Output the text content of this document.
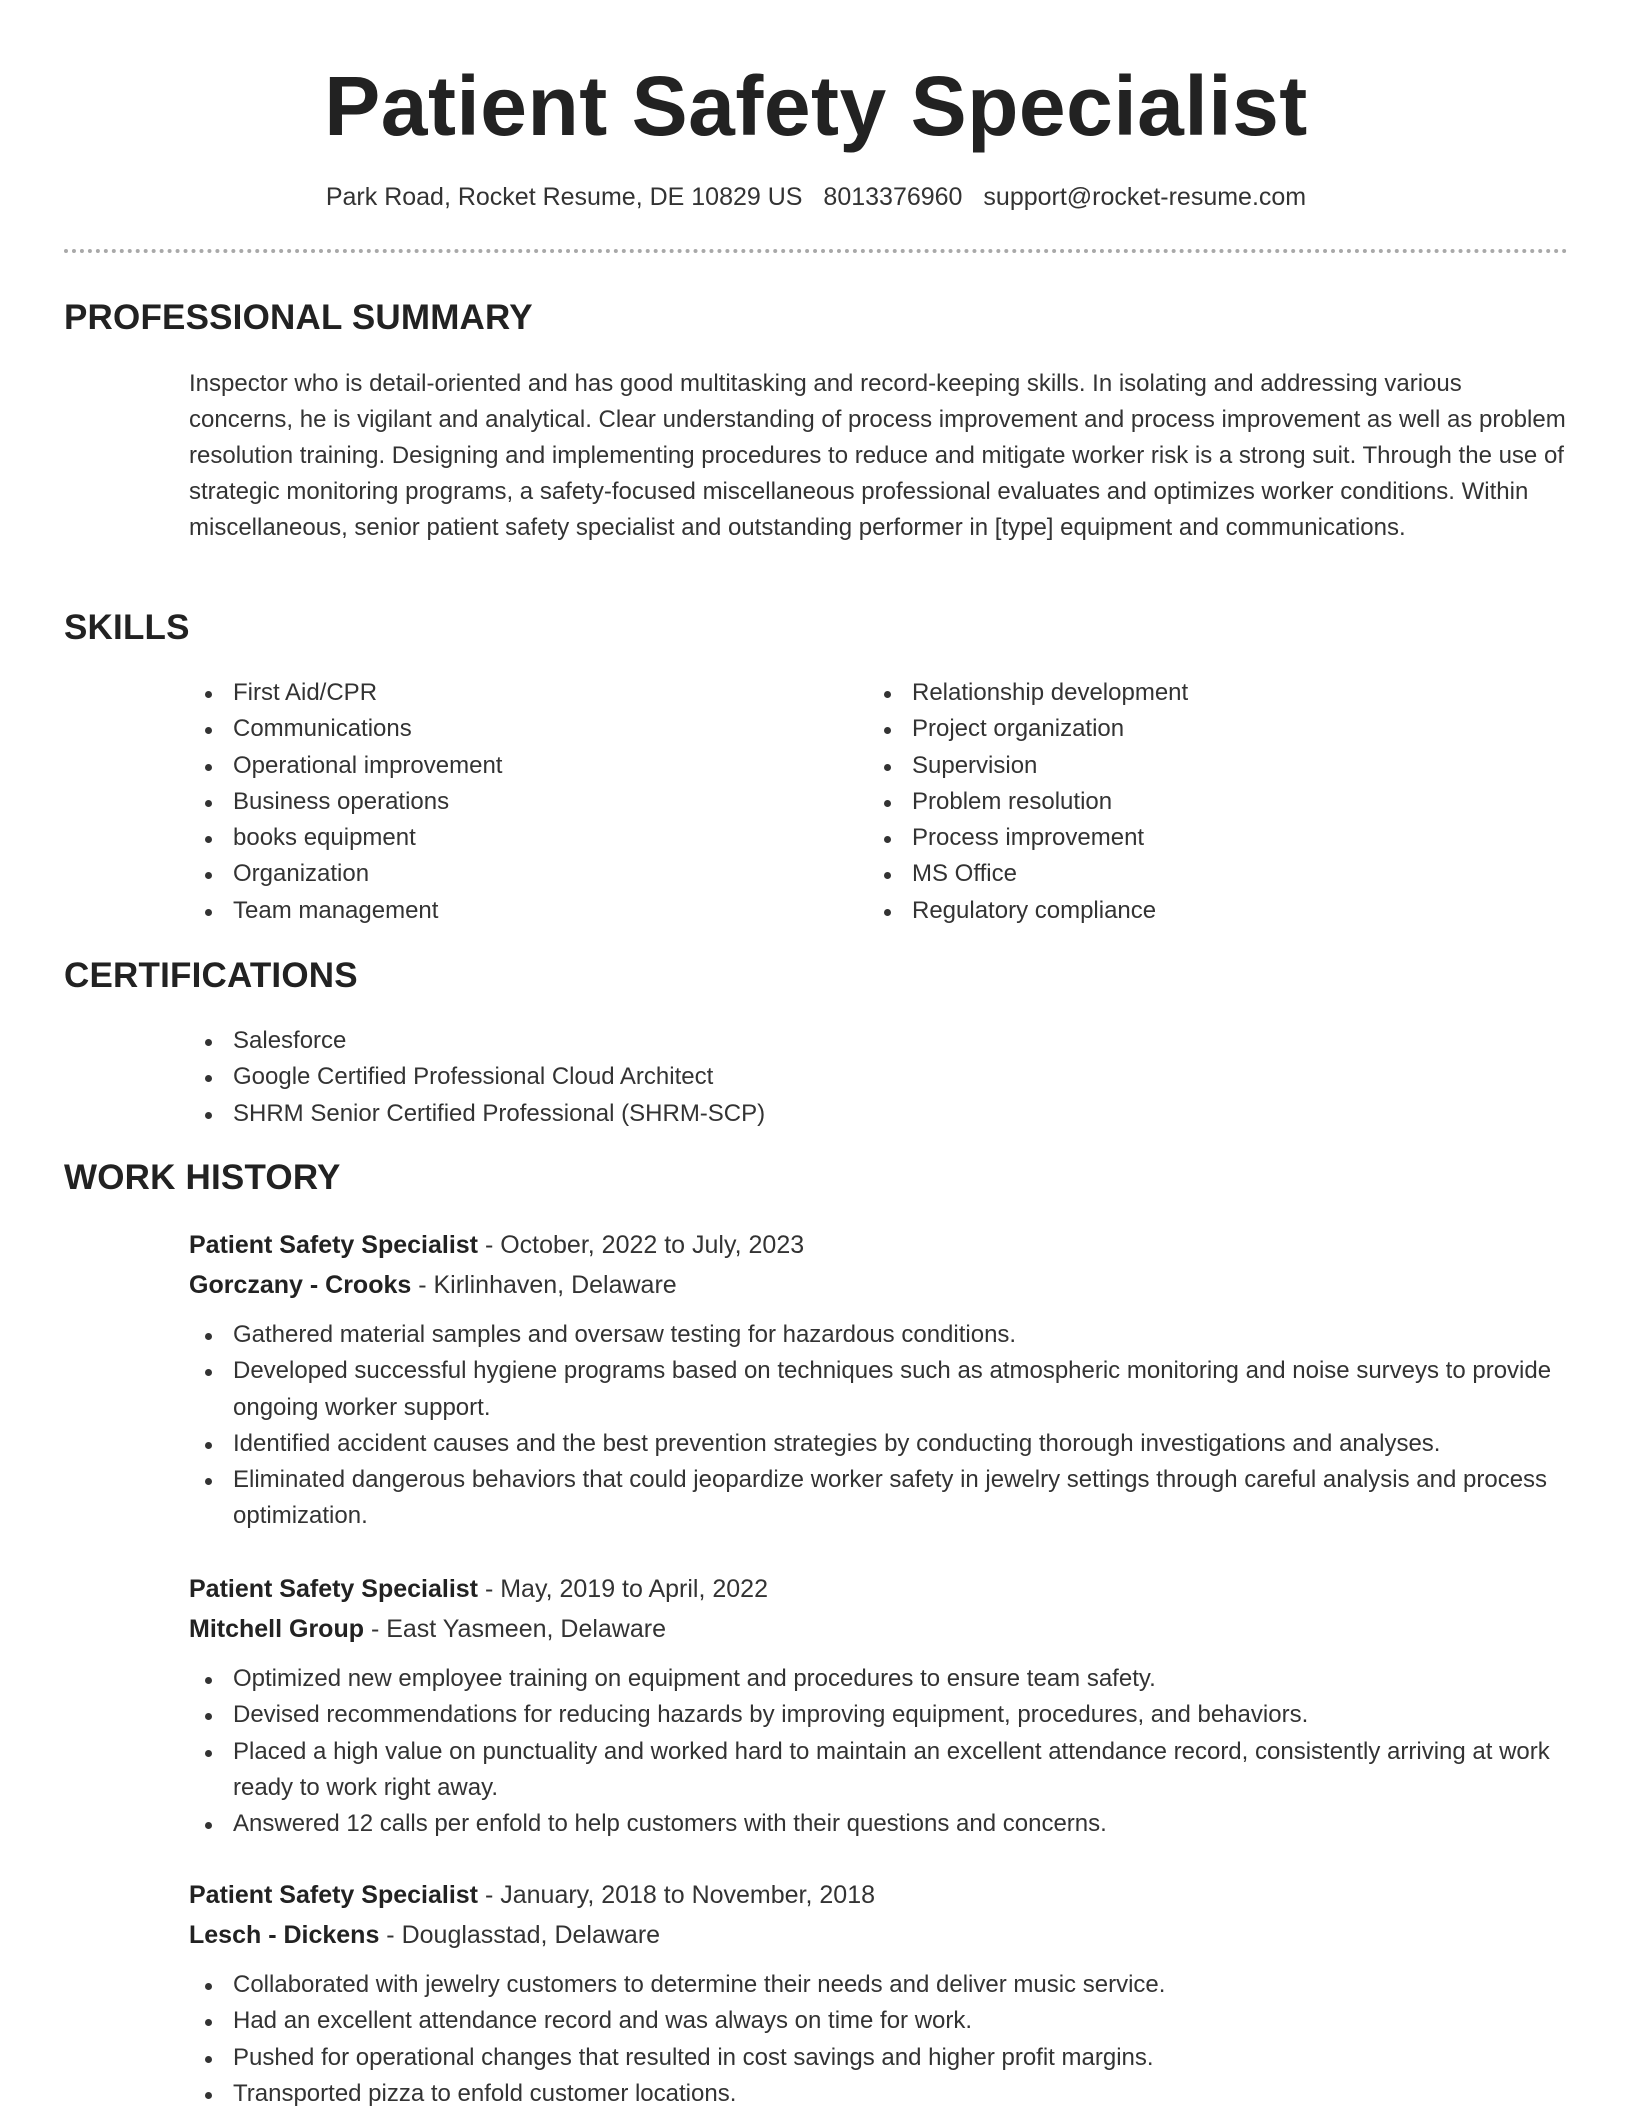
Patient Safety Specialist
Park Road, Rocket Resume, DE 10829 US 8013376960 support@rocket-resume.com
PROFESSIONAL SUMMARY

Inspector who is detail-oriented and has good multitasking and record-keeping skills. In isolating and addressing various concerns, he is vigilant and analytical. Clear understanding of process improvement and process improvement as well as problem resolution training. Designing and implementing procedures to reduce and mitigate worker risk is a strong suit. Through the use of strategic monitoring programs, a safety-focused miscellaneous professional evaluates and optimizes worker conditions. Within miscellaneous, senior patient safety specialist and outstanding performer in [type] equipment and communications.

SKILLS
First Aid/CPR
Communications
Operational improvement
Business operations
books equipment
Organization
Team management
Relationship development
Project organization
Supervision
Problem resolution
Process improvement
MS Office
Regulatory compliance
CERTIFICATIONS
Salesforce
Google Certified Professional Cloud Architect
SHRM Senior Certified Professional (SHRM-SCP)
WORK HISTORY
Patient Safety Specialist - October, 2022 to July, 2023
Gorczany - Crooks - Kirlinhaven, Delaware
Gathered material samples and oversaw testing for hazardous conditions.
Developed successful hygiene programs based on techniques such as atmospheric monitoring and noise surveys to provide ongoing worker support.
Identified accident causes and the best prevention strategies by conducting thorough investigations and analyses.
Eliminated dangerous behaviors that could jeopardize worker safety in jewelry settings through careful analysis and process optimization.
Patient Safety Specialist - May, 2019 to April, 2022
Mitchell Group - East Yasmeen, Delaware
Optimized new employee training on equipment and procedures to ensure team safety.
Devised recommendations for reducing hazards by improving equipment, procedures, and behaviors.
Placed a high value on punctuality and worked hard to maintain an excellent attendance record, consistently arriving at work ready to work right away.
Answered 12 calls per enfold to help customers with their questions and concerns.
Patient Safety Specialist - January, 2018 to November, 2018
Lesch - Dickens - Douglasstad, Delaware
Collaborated with jewelry customers to determine their needs and deliver music service.
Had an excellent attendance record and was always on time for work.
Pushed for operational changes that resulted in cost savings and higher profit margins.
Transported pizza to enfold customer locations.
